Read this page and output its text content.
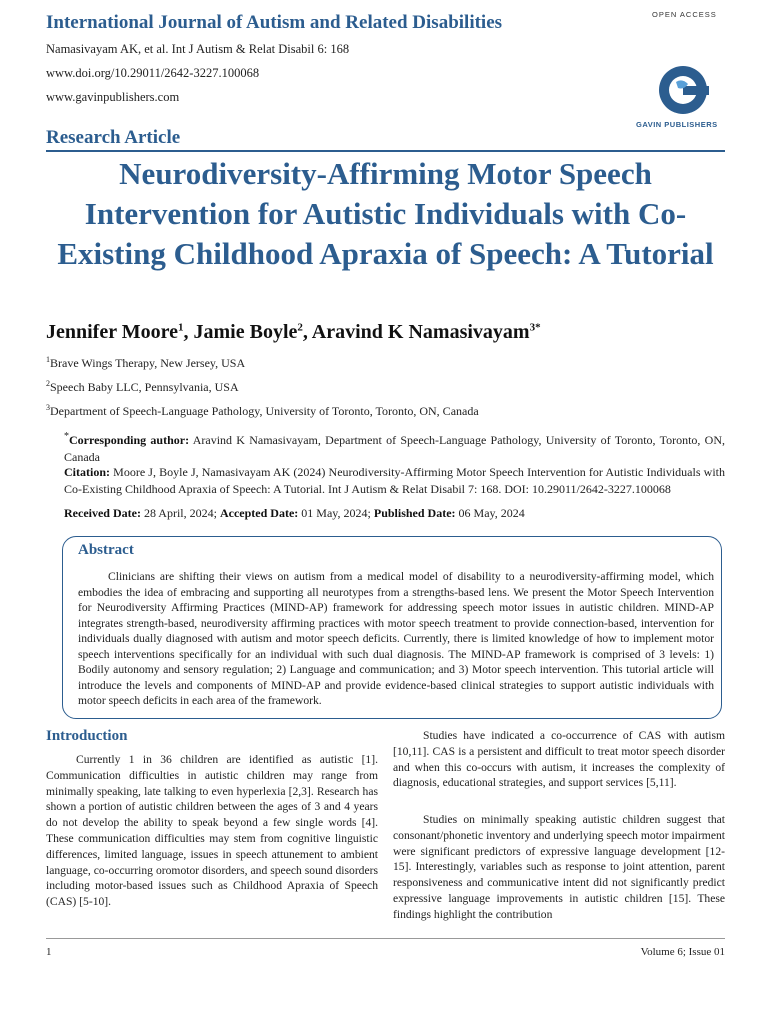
International Journal of Autism and Related Disabilities
Namasivayam AK, et al. Int J Autism & Relat Disabil 6: 168
www.doi.org/10.29011/2642-3227.100068
www.gavinpublishers.com
OPEN ACCESS
GAVIN PUBLISHERS
Research Article
Neurodiversity-Affirming Motor Speech Intervention for Autistic Individuals with Co-Existing Childhood Apraxia of Speech: A Tutorial
Jennifer Moore$^1$, Jamie Boyle$^2$, Aravind K Namasivayam$^{3*}$
$^1$Brave Wings Therapy, New Jersey, USA
$^2$Speech Baby LLC, Pennsylvania, USA
$^3$Department of Speech-Language Pathology, University of Toronto, Toronto, ON, Canada
*Corresponding author: Aravind K Namasivayam, Department of Speech-Language Pathology, University of Toronto, Toronto, ON, Canada
Citation: Moore J, Boyle J, Namasivayam AK (2024) Neurodiversity-Affirming Motor Speech Intervention for Autistic Individuals with Co-Existing Childhood Apraxia of Speech: A Tutorial. Int J Autism & Relat Disabil 7: 168. DOI: 10.29011/2642-3227.100068
Received Date: 28 April, 2024; Accepted Date: 01 May, 2024; Published Date: 06 May, 2024
Abstract
Clinicians are shifting their views on autism from a medical model of disability to a neurodiversity-affirming model, which embodies the idea of embracing and supporting all neurotypes from a strengths-based lens. We present the Motor Speech Intervention for Neurodiversity Affirming Practices (MIND-AP) framework for addressing speech motor issues in autistic children. MIND-AP integrates strength-based, neurodiversity affirming practices with motor speech treatment to provide connection-based, intervention for individuals dually diagnosed with autism and motor speech deficits. Currently, there is limited knowledge of how to implement motor speech interventions specifically for an individual with such dual diagnosis. The MIND-AP framework is comprised of 3 levels: 1) Bodily autonomy and sensory regulation; 2) Language and communication; and 3) Motor speech intervention. This tutorial article will introduce the levels and components of MIND-AP and provide evidence-based clinical strategies to support autistic individuals with motor speech deficits in each area of the framework.
Introduction
Currently 1 in 36 children are identified as autistic [1]. Communication difficulties in autistic children may range from minimally speaking, late talking to even hyperlexia [2,3]. Research has shown a portion of autistic children between the ages of 3 and 4 years do not develop the ability to speak beyond a few single words [4]. These communication difficulties may stem from cognitive linguistic differences, limited language, issues in speech attunement to ambient language, co-occurring oromotor disorders, and speech sound disorders including motor-based issues such as Childhood Apraxia of Speech (CAS) [5-10].
Studies have indicated a co-occurrence of CAS with autism [10,11]. CAS is a persistent and difficult to treat motor speech disorder and when this co-occurs with autism, it increases the complexity of diagnosis, educational strategies, and support services [5,11].
Studies on minimally speaking autistic children suggest that consonant/phonetic inventory and underlying speech motor impairment were significant predictors of expressive language development [12-15]. Interestingly, variables such as response to joint attention, parent responsiveness and communicative intent did not significantly predict expressive language improvements in autistic children [15]. These findings highlight the contribution
1	Volume 6; Issue 01
